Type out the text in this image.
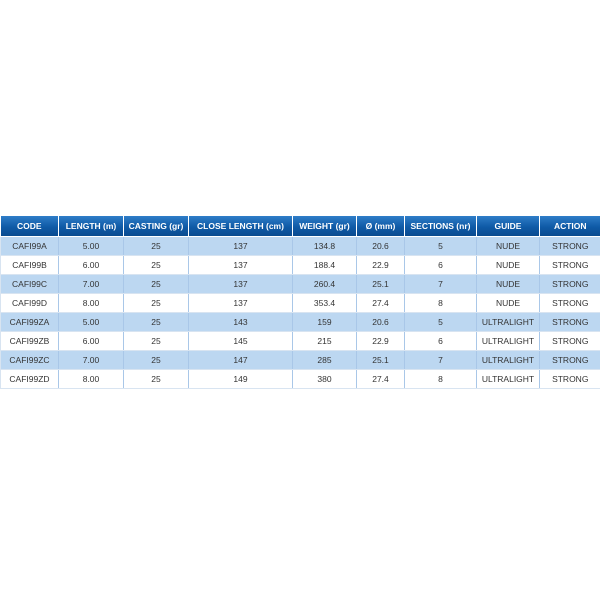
CODE	LENGTH (m)	CASTING (gr)	CLOSE LENGTH (cm)	WEIGHT (gr)	Ø (mm)	SECTIONS (nr)	GUIDE	ACTION
CAFI99A	5.00	25	137	134.8	20.6	5	NUDE	STRONG
CAFI99B	6.00	25	137	188.4	22.9	6	NUDE	STRONG
CAFI99C	7.00	25	137	260.4	25.1	7	NUDE	STRONG
CAFI99D	8.00	25	137	353.4	27.4	8	NUDE	STRONG
CAFI99ZA	5.00	25	143	159	20.6	5	ULTRALIGHT	STRONG
CAFI99ZB	6.00	25	145	215	22.9	6	ULTRALIGHT	STRONG
CAFI99ZC	7.00	25	147	285	25.1	7	ULTRALIGHT	STRONG
CAFI99ZD	8.00	25	149	380	27.4	8	ULTRALIGHT	STRONG
